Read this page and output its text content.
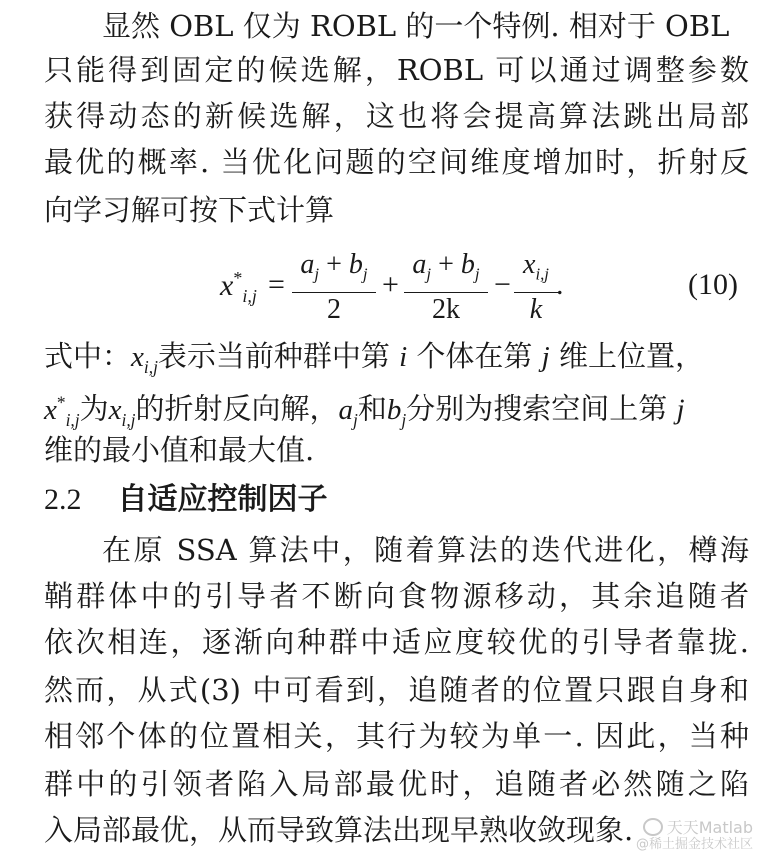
显然 OBL 仅为 ROBL 的一个特例. 相对于 OBL
只能得到固定的候选解，ROBL 可以通过调整参数
获得动态的新候选解，这也将会提高算法跳出局部
最优的概率. 当优化问题的空间维度增加时，折射反
向学习解可按下式计算
$x^*_{i,j} = \frac{a_j + b_j}{2} + \frac{a_j + b_j}{2k} - \frac{x_{i,j}}{k}$
.	(10)
式中：$x_{i,j}$表示当前种群中第 i 个体在第 j 维上位置，
$x^*_{i,j}$为$x_{i,j}$的折射反向解，$a_j$和$b_j$分别为搜索空间上第 j
维的最小值和最大值.
2.2 自适应控制因子
在原 SSA 算法中，随着算法的迭代进化，樽海
鞘群体中的引导者不断向食物源移动，其余追随者
依次相连，逐渐向种群中适应度较优的引导者靠拢.
然而，从式(3) 中可看到，追随者的位置只跟自身和
相邻个体的位置相关，其行为较为单一. 因此，当种
群中的引领者陷入局部最优时，追随者必然随之陷
入局部最优，从而导致算法出现早熟收敛现象.	天天Matlab
@稀土掘金技术社区
